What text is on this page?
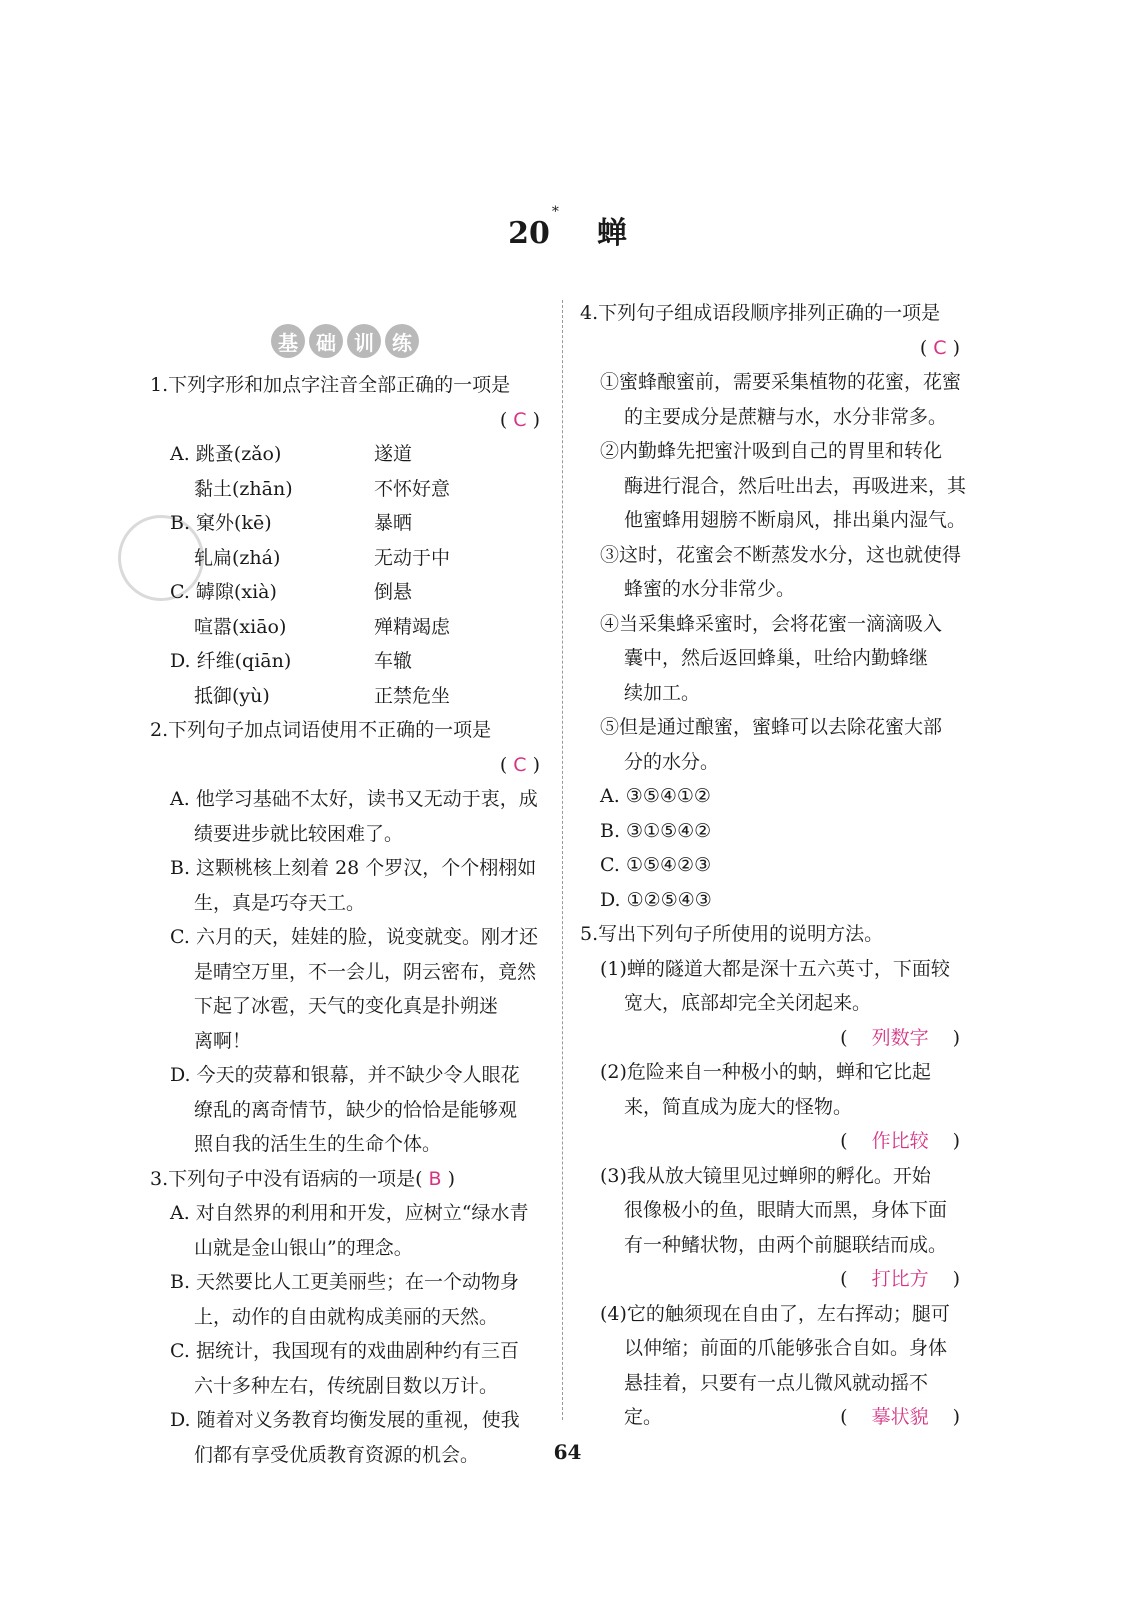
20*蝉
基 础 训 练
1.下列字形和加点字注音全部正确的一项是
( C )
A. 跳蚤(zǎo)	遂道
黏土(zhān)	不怀好意
B. 窠外(kē)	暴晒
轧扁(zhá)	无动于中
C. 罅隙(xià)	倒悬
喧嚣(xiāo)	殚精竭虑
D. 纤维(qiān)	车辙
抵御(yù)	正禁危坐
2.下列句子加点词语使用不正确的一项是
( C )
A. 他学习基础不太好，读书又无动于衷，成
绩要进步就比较困难了。
B. 这颗桃核上刻着 28 个罗汉，个个栩栩如
生，真是巧夺天工。
C. 六月的天，娃娃的脸，说变就变。刚才还
是晴空万里，不一会儿，阴云密布，竟然
下起了冰雹，天气的变化真是扑朔迷
离啊！
D. 今天的荧幕和银幕，并不缺少令人眼花
缭乱的离奇情节，缺少的恰恰是能够观
照自我的活生生的生命个体。
3.下列句子中没有语病的一项是( B )
A. 对自然界的利用和开发，应树立“绿水青
山就是金山银山”的理念。
B. 天然要比人工更美丽些；在一个动物身
上，动作的自由就构成美丽的天然。
C. 据统计，我国现有的戏曲剧种约有三百
六十多种左右，传统剧目数以万计。
D. 随着对义务教育均衡发展的重视，使我
们都有享受优质教育资源的机会。
4.下列句子组成语段顺序排列正确的一项是
( C )
①蜜蜂酿蜜前，需要采集植物的花蜜，花蜜
的主要成分是蔗糖与水，水分非常多。
②内勤蜂先把蜜汁吸到自己的胃里和转化
酶进行混合，然后吐出去，再吸进来，其
他蜜蜂用翅膀不断扇风，排出巢内湿气。
③这时，花蜜会不断蒸发水分，这也就使得
蜂蜜的水分非常少。
④当采集蜂采蜜时，会将花蜜一滴滴吸入
囊中，然后返回蜂巢，吐给内勤蜂继
续加工。
⑤但是通过酿蜜，蜜蜂可以去除花蜜大部
分的水分。
A. ③⑤④①②
B. ③①⑤④②
C. ①⑤④②③
D. ①②⑤④③
5.写出下列句子所使用的说明方法。
(1)蝉的隧道大都是深十五六英寸，下面较
宽大，底部却完全关闭起来。
( 列数字 )
(2)危险来自一种极小的蚋，蝉和它比起
来，简直成为庞大的怪物。
( 作比较 )
(3)我从放大镜里见过蝉卵的孵化。开始
很像极小的鱼，眼睛大而黑，身体下面
有一种鳍状物，由两个前腿联结而成。
( 打比方 )
(4)它的触须现在自由了，左右挥动；腿可
以伸缩；前面的爪能够张合自如。身体
悬挂着，只要有一点儿微风就动摇不
定。	( 摹状貌 )
64
